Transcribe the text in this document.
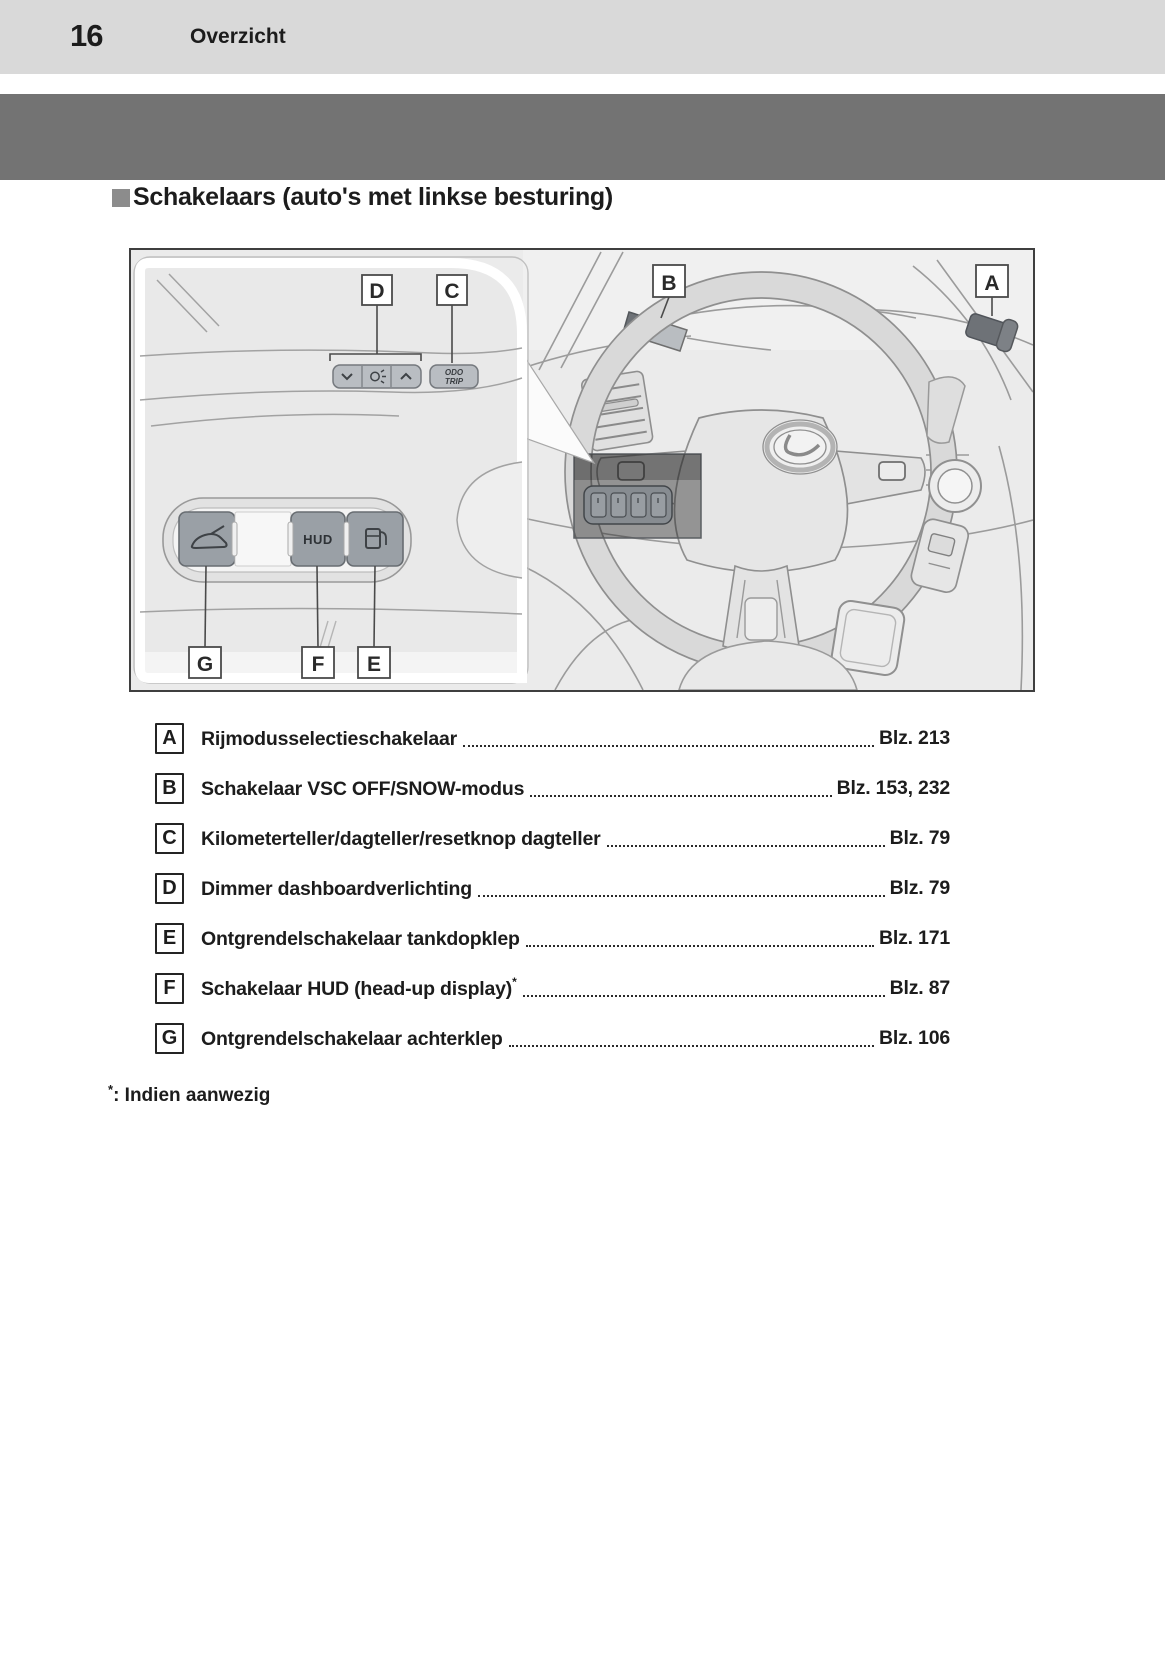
16	Overzicht
Schakelaars (auto's met linkse besturing)
ODO
TRIP
HUD
D	C	B	A
G	F E
A	Rijmodusselectieschakelaar	Blz. 213
B	Schakelaar VSC OFF/SNOW-modus	Blz. 153, 232
C	Kilometerteller/dagteller/resetknop dagteller	Blz. 79
D	Dimmer dashboardverlichting	Blz. 79
E	Ontgrendelschakelaar tankdopklep	Blz. 171
F	Schakelaar HUD (head-up display)*	Blz. 87
G	Ontgrendelschakelaar achterklep	Blz. 106
*: Indien aanwezig
